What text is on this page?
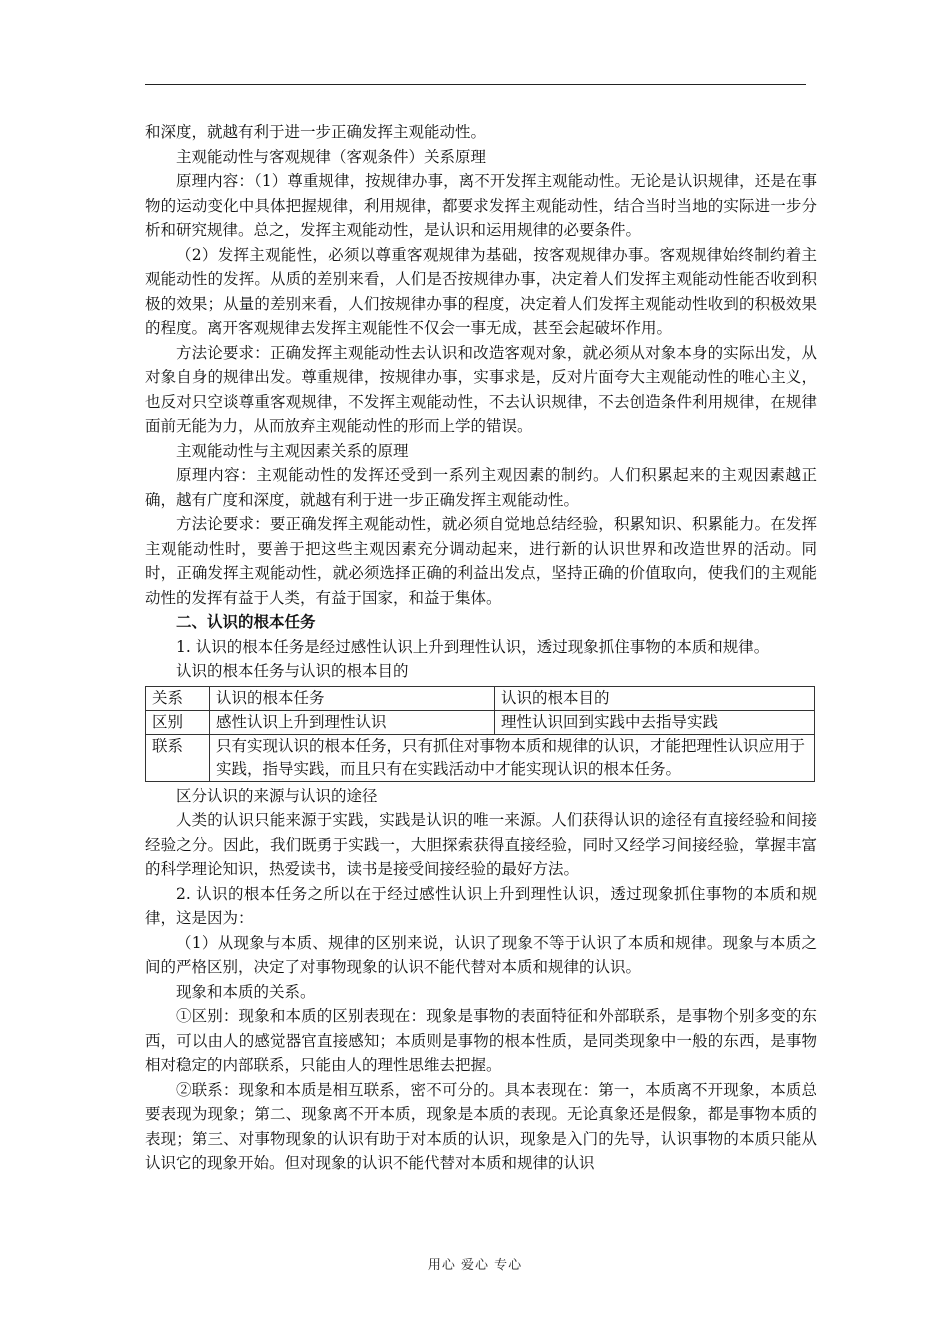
和深度，就越有利于进一步正确发挥主观能动性。

主观能动性与客观规律（客观条件）关系原理

原理内容：（1）尊重规律，按规律办事，离不开发挥主观能动性。无论是认识规律，还是在事物的运动变化中具体把握规律，利用规律，都要求发挥主观能动性，结合当时当地的实际进一步分析和研究规律。总之，发挥主观能动性，是认识和运用规律的必要条件。

（2）发挥主观能性，必须以尊重客观规律为基础，按客观规律办事。客观规律始终制约着主观能动性的发挥。从质的差别来看，人们是否按规律办事，决定着人们发挥主观能动性能否收到积极的效果；从量的差别来看，人们按规律办事的程度，决定着人们发挥主观能动性收到的积极效果的程度。离开客观规律去发挥主观能性不仅会一事无成，甚至会起破坏作用。

方法论要求：正确发挥主观能动性去认识和改造客观对象，就必须从对象本身的实际出发，从对象自身的规律出发。尊重规律，按规律办事，实事求是，反对片面夸大主观能动性的唯心主义，也反对只空谈尊重客观规律，不发挥主观能动性，不去认识规律，不去创造条件利用规律，在规律面前无能为力，从而放弃主观能动性的形而上学的错误。

主观能动性与主观因素关系的原理

原理内容：主观能动性的发挥还受到一系列主观因素的制约。人们积累起来的主观因素越正确，越有广度和深度，就越有利于进一步正确发挥主观能动性。

方法论要求：要正确发挥主观能动性，就必须自觉地总结经验，积累知识、积累能力。在发挥主观能动性时，要善于把这些主观因素充分调动起来，进行新的认识世界和改造世界的活动。同时，正确发挥主观能动性，就必须选择正确的利益出发点，坚持正确的价值取向，使我们的主观能动性的发挥有益于人类，有益于国家，和益于集体。

二、认识的根本任务

1. 认识的根本任务是经过感性认识上升到理性认识，透过现象抓住事物的本质和规律。

认识的根本任务与认识的根本目的

关系	认识的根本任务	认识的根本目的
区别	感性认识上升到理性认识	理性认识回到实践中去指导实践
联系	只有实现认识的根本任务，只有抓住对事物本质和规律的认识，才能把理性认识应用于实践，指导实践，而且只有在实践活动中才能实现认识的根本任务。	

区分认识的来源与认识的途径

人类的认识只能来源于实践，实践是认识的唯一来源。人们获得认识的途径有直接经验和间接经验之分。因此，我们既勇于实践一，大胆探索获得直接经验，同时又经学习间接经验，掌握丰富的科学理论知识，热爱读书，读书是接受间接经验的最好方法。

2. 认识的根本任务之所以在于经过感性认识上升到理性认识，透过现象抓住事物的本质和规律，这是因为：

（1）从现象与本质、规律的区别来说，认识了现象不等于认识了本质和规律。现象与本质之间的严格区别，决定了对事物现象的认识不能代替对本质和规律的认识。

现象和本质的关系。

①区别：现象和本质的区别表现在：现象是事物的表面特征和外部联系，是事物个别多变的东西，可以由人的感觉器官直接感知；本质则是事物的根本性质，是同类现象中一般的东西，是事物相对稳定的内部联系，只能由人的理性思维去把握。

②联系：现象和本质是相互联系，密不可分的。具本表现在：第一，本质离不开现象，本质总要表现为现象；第二、现象离不开本质，现象是本质的表现。无论真象还是假象，都是事物本质的表现；第三、对事物现象的认识有助于对本质的认识，现象是入门的先导，认识事物的本质只能从认识它的现象开始。但对现象的认识不能代替对本质和规律的认识

用心 爱心 专心
